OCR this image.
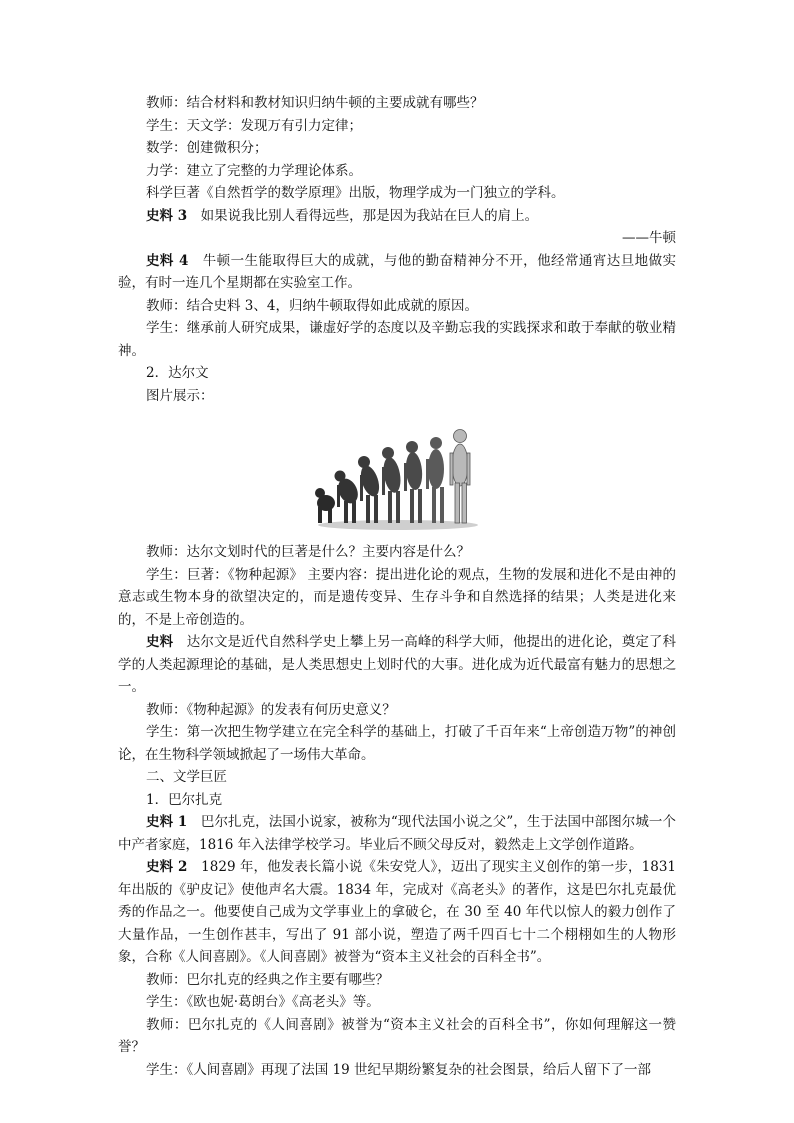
教师：结合材料和教材知识归纳牛顿的主要成就有哪些？

学生：天文学：发现万有引力定律；

数学：创建微积分；

力学：建立了完整的力学理论体系。

科学巨著《自然哲学的数学原理》出版，物理学成为一门独立的学科。

史料 3　如果说我比别人看得远些，那是因为我站在巨人的肩上。

——牛顿

史料 4　牛顿一生能取得巨大的成就，与他的勤奋精神分不开，他经常通宵达旦地做实验，有时一连几个星期都在实验室工作。

教师：结合史料 3、4，归纳牛顿取得如此成就的原因。

学生：继承前人研究成果，谦虚好学的态度以及辛勤忘我的实践探求和敢于奉献的敬业精神。

2．达尔文

图片展示：

教师：达尔文划时代的巨著是什么？主要内容是什么？

学生：巨著：《物种起源》 主要内容：提出进化论的观点，生物的发展和进化不是由神的意志或生物本身的欲望决定的，而是遗传变异、生存斗争和自然选择的结果；人类是进化来的，不是上帝创造的。

史料　达尔文是近代自然科学史上攀上另一高峰的科学大师，他提出的进化论，奠定了科学的人类起源理论的基础，是人类思想史上划时代的大事。进化成为近代最富有魅力的思想之一。

教师：《物种起源》的发表有何历史意义？

学生：第一次把生物学建立在完全科学的基础上，打破了千百年来“上帝创造万物”的神创论，在生物科学领域掀起了一场伟大革命。

二、文学巨匠

1．巴尔扎克

史料 1　巴尔扎克，法国小说家，被称为“现代法国小说之父”，生于法国中部图尔城一个中产者家庭，1816 年入法律学校学习。毕业后不顾父母反对，毅然走上文学创作道路。

史料 2　1829 年，他发表长篇小说《朱安党人》，迈出了现实主义创作的第一步，1831 年出版的《驴皮记》使他声名大震。1834 年，完成对《高老头》的著作，这是巴尔扎克最优秀的作品之一。他要使自己成为文学事业上的拿破仑，在 30 至 40 年代以惊人的毅力创作了大量作品，一生创作甚丰，写出了 91 部小说，塑造了两千四百七十二个栩栩如生的人物形象，合称《人间喜剧》。《人间喜剧》被誉为“资本主义社会的百科全书”。

教师：巴尔扎克的经典之作主要有哪些？

学生：《欧也妮·葛朗台》《高老头》等。

教师：巴尔扎克的《人间喜剧》被誉为“资本主义社会的百科全书”，你如何理解这一赞誉？

学生：《人间喜剧》再现了法国 19 世纪早期纷繁复杂的社会图景，给后人留下了一部
